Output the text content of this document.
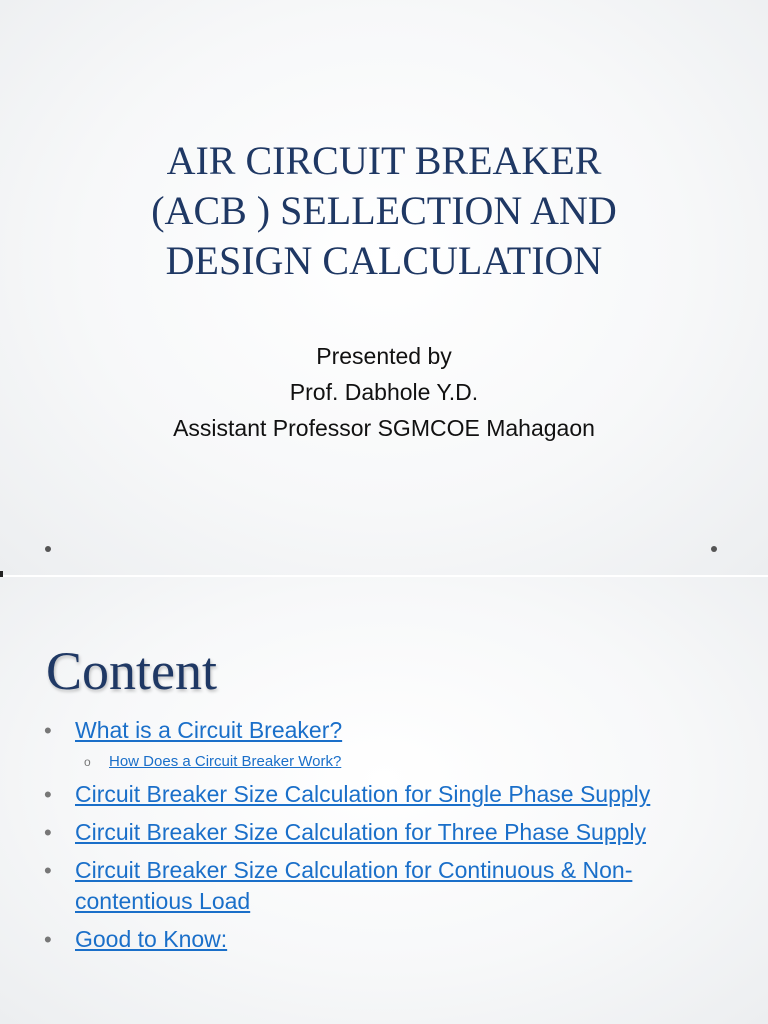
AIR CIRCUIT BREAKER
(ACB ) SELLECTION AND
DESIGN CALCULATION
Presented by
Prof. Dabhole Y.D.
Assistant Professor SGMCOE Mahagaon
Content
• What is a Circuit Breaker?
o How Does a Circuit Breaker Work?
• Circuit Breaker Size Calculation for Single Phase Supply
• Circuit Breaker Size Calculation for Three Phase Supply
• Circuit Breaker Size Calculation for Continuous & Non-contentious Load
• Good to Know:
